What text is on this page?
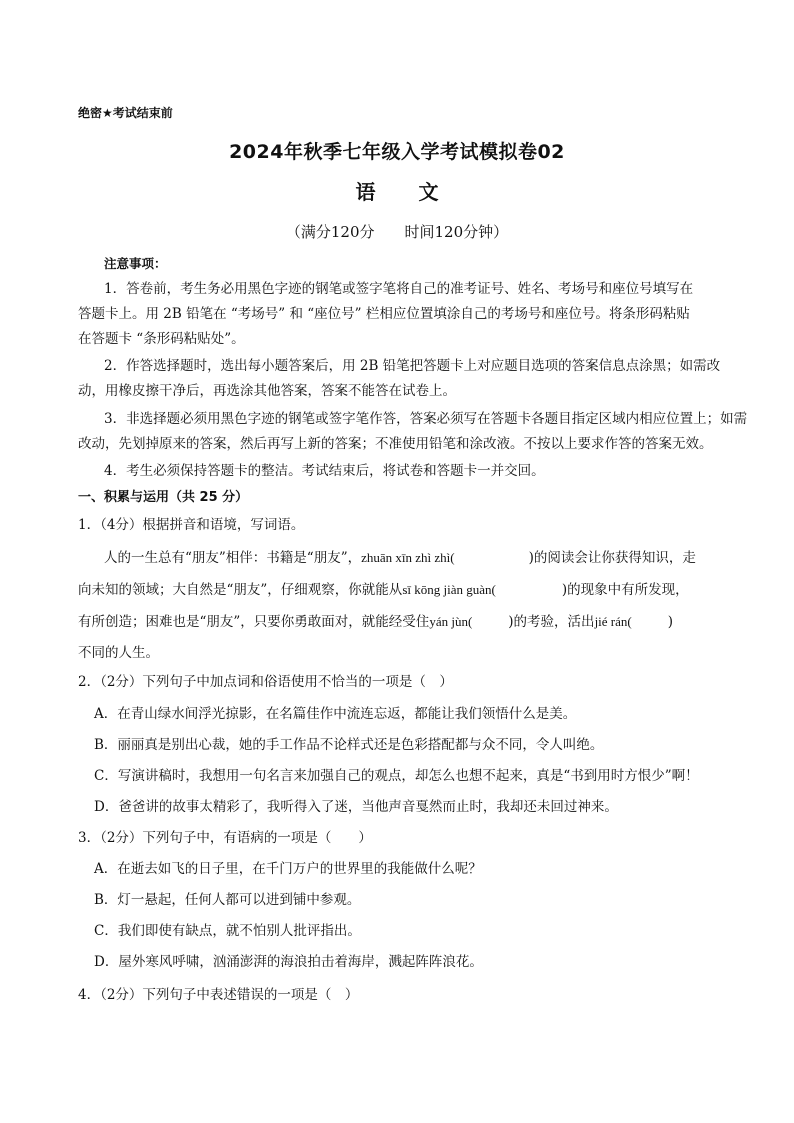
绝密★考试结束前
2024年秋季七年级入学考试模拟卷02
语 文
（满分120分　　时间120分钟）
注意事项：
1．答卷前，考生务必用黑色字迹的钢笔或签字笔将自己的准考证号、姓名、考场号和座位号填写在
答题卡上。用 2B 铅笔在 “考场号” 和 “座位号” 栏相应位置填涂自己的考场号和座位号。将条形码粘贴
在答题卡 “条形码粘贴处”。
2．作答选择题时，选出每小题答案后，用 2B 铅笔把答题卡上对应题目选项的答案信息点涂黑；如需改
动，用橡皮擦干净后，再选涂其他答案，答案不能答在试卷上。
3．非选择题必须用黑色字迹的钢笔或签字笔作答，答案必须写在答题卡各题目指定区域内相应位置上；如需
改动，先划掉原来的答案，然后再写上新的答案；不准使用铅笔和涂改液。不按以上要求作答的答案无效。
4．考生必须保持答题卡的整洁。考试结束后，将试卷和答题卡一并交回。
一、积累与运用（共 25 分）
1．（4分）根据拼音和语境，写词语。
人的一生总有“朋友”相伴：书籍是“朋友”，zhuān xīn zhì zhì(	)的阅读会让你获得知识，走
向未知的领域；大自然是“朋友”，仔细观察，你就能从sī kōng jiàn guàn(	)的现象中有所发现，
有所创造；困难也是“朋友”，只要你勇敢面对，就能经受住yán jùn(	)的考验，活出jié rán(	)
不同的人生。
2．（2分）下列句子中加点词和俗语使用不恰当的一项是（　）
A．在青山绿水间浮光掠影，在名篇佳作中流连忘返，都能让我们领悟什么是美。
B．丽丽真是别出心裁，她的手工作品不论样式还是色彩搭配都与众不同，令人叫绝。
C．写演讲稿时，我想用一句名言来加强自己的观点，却怎么也想不起来，真是“书到用时方恨少”啊！
D．爸爸讲的故事太精彩了，我听得入了迷，当他声音戛然而止时，我却还未回过神来。
3．（2分）下列句子中，有语病的一项是（　　）
A．在逝去如飞的日子里，在千门万户的世界里的我能做什么呢？
B．灯一悬起，任何人都可以进到铺中参观。
C．我们即使有缺点，就不怕别人批评指出。
D．屋外寒风呼啸，汹涌澎湃的海浪拍击着海岸，溅起阵阵浪花。
4．（2分）下列句子中表述错误的一项是（　）
